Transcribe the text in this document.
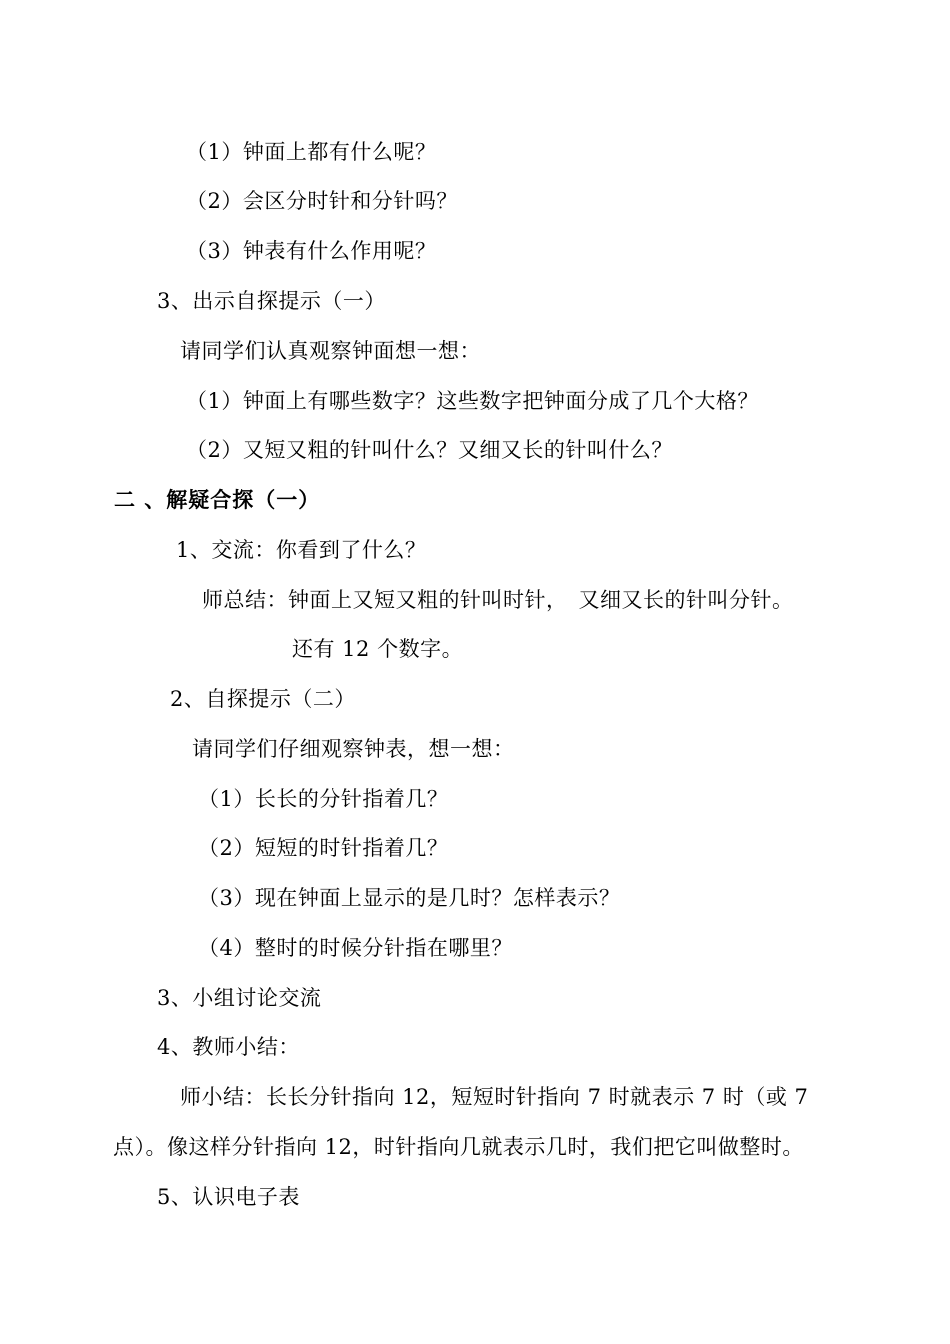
（1）钟面上都有什么呢？
（2）会区分时针和分针吗？
（3）钟表有什么作用呢？
3、出示自探提示（一）
请同学们认真观察钟面想一想：
（1）钟面上有哪些数字？这些数字把钟面分成了几个大格？
（2）又短又粗的针叫什么？又细又长的针叫什么？
二 、解疑合探（一）
1、交流：你看到了什么？
师总结：钟面上又短又粗的针叫时针，　又细又长的针叫分针。
还有 12 个数字。
2、自探提示（二）
请同学们仔细观察钟表，想一想：
（1）长长的分针指着几？
（2）短短的时针指着几？
（3）现在钟面上显示的是几时？怎样表示？
（4）整时的时候分针指在哪里？
3、小组讨论交流
4、教师小结：
师小结：长长分针指向 12，短短时针指向 7 时就表示 7 时（或 7
点）。像这样分针指向 12，时针指向几就表示几时，我们把它叫做整时。
5、认识电子表
